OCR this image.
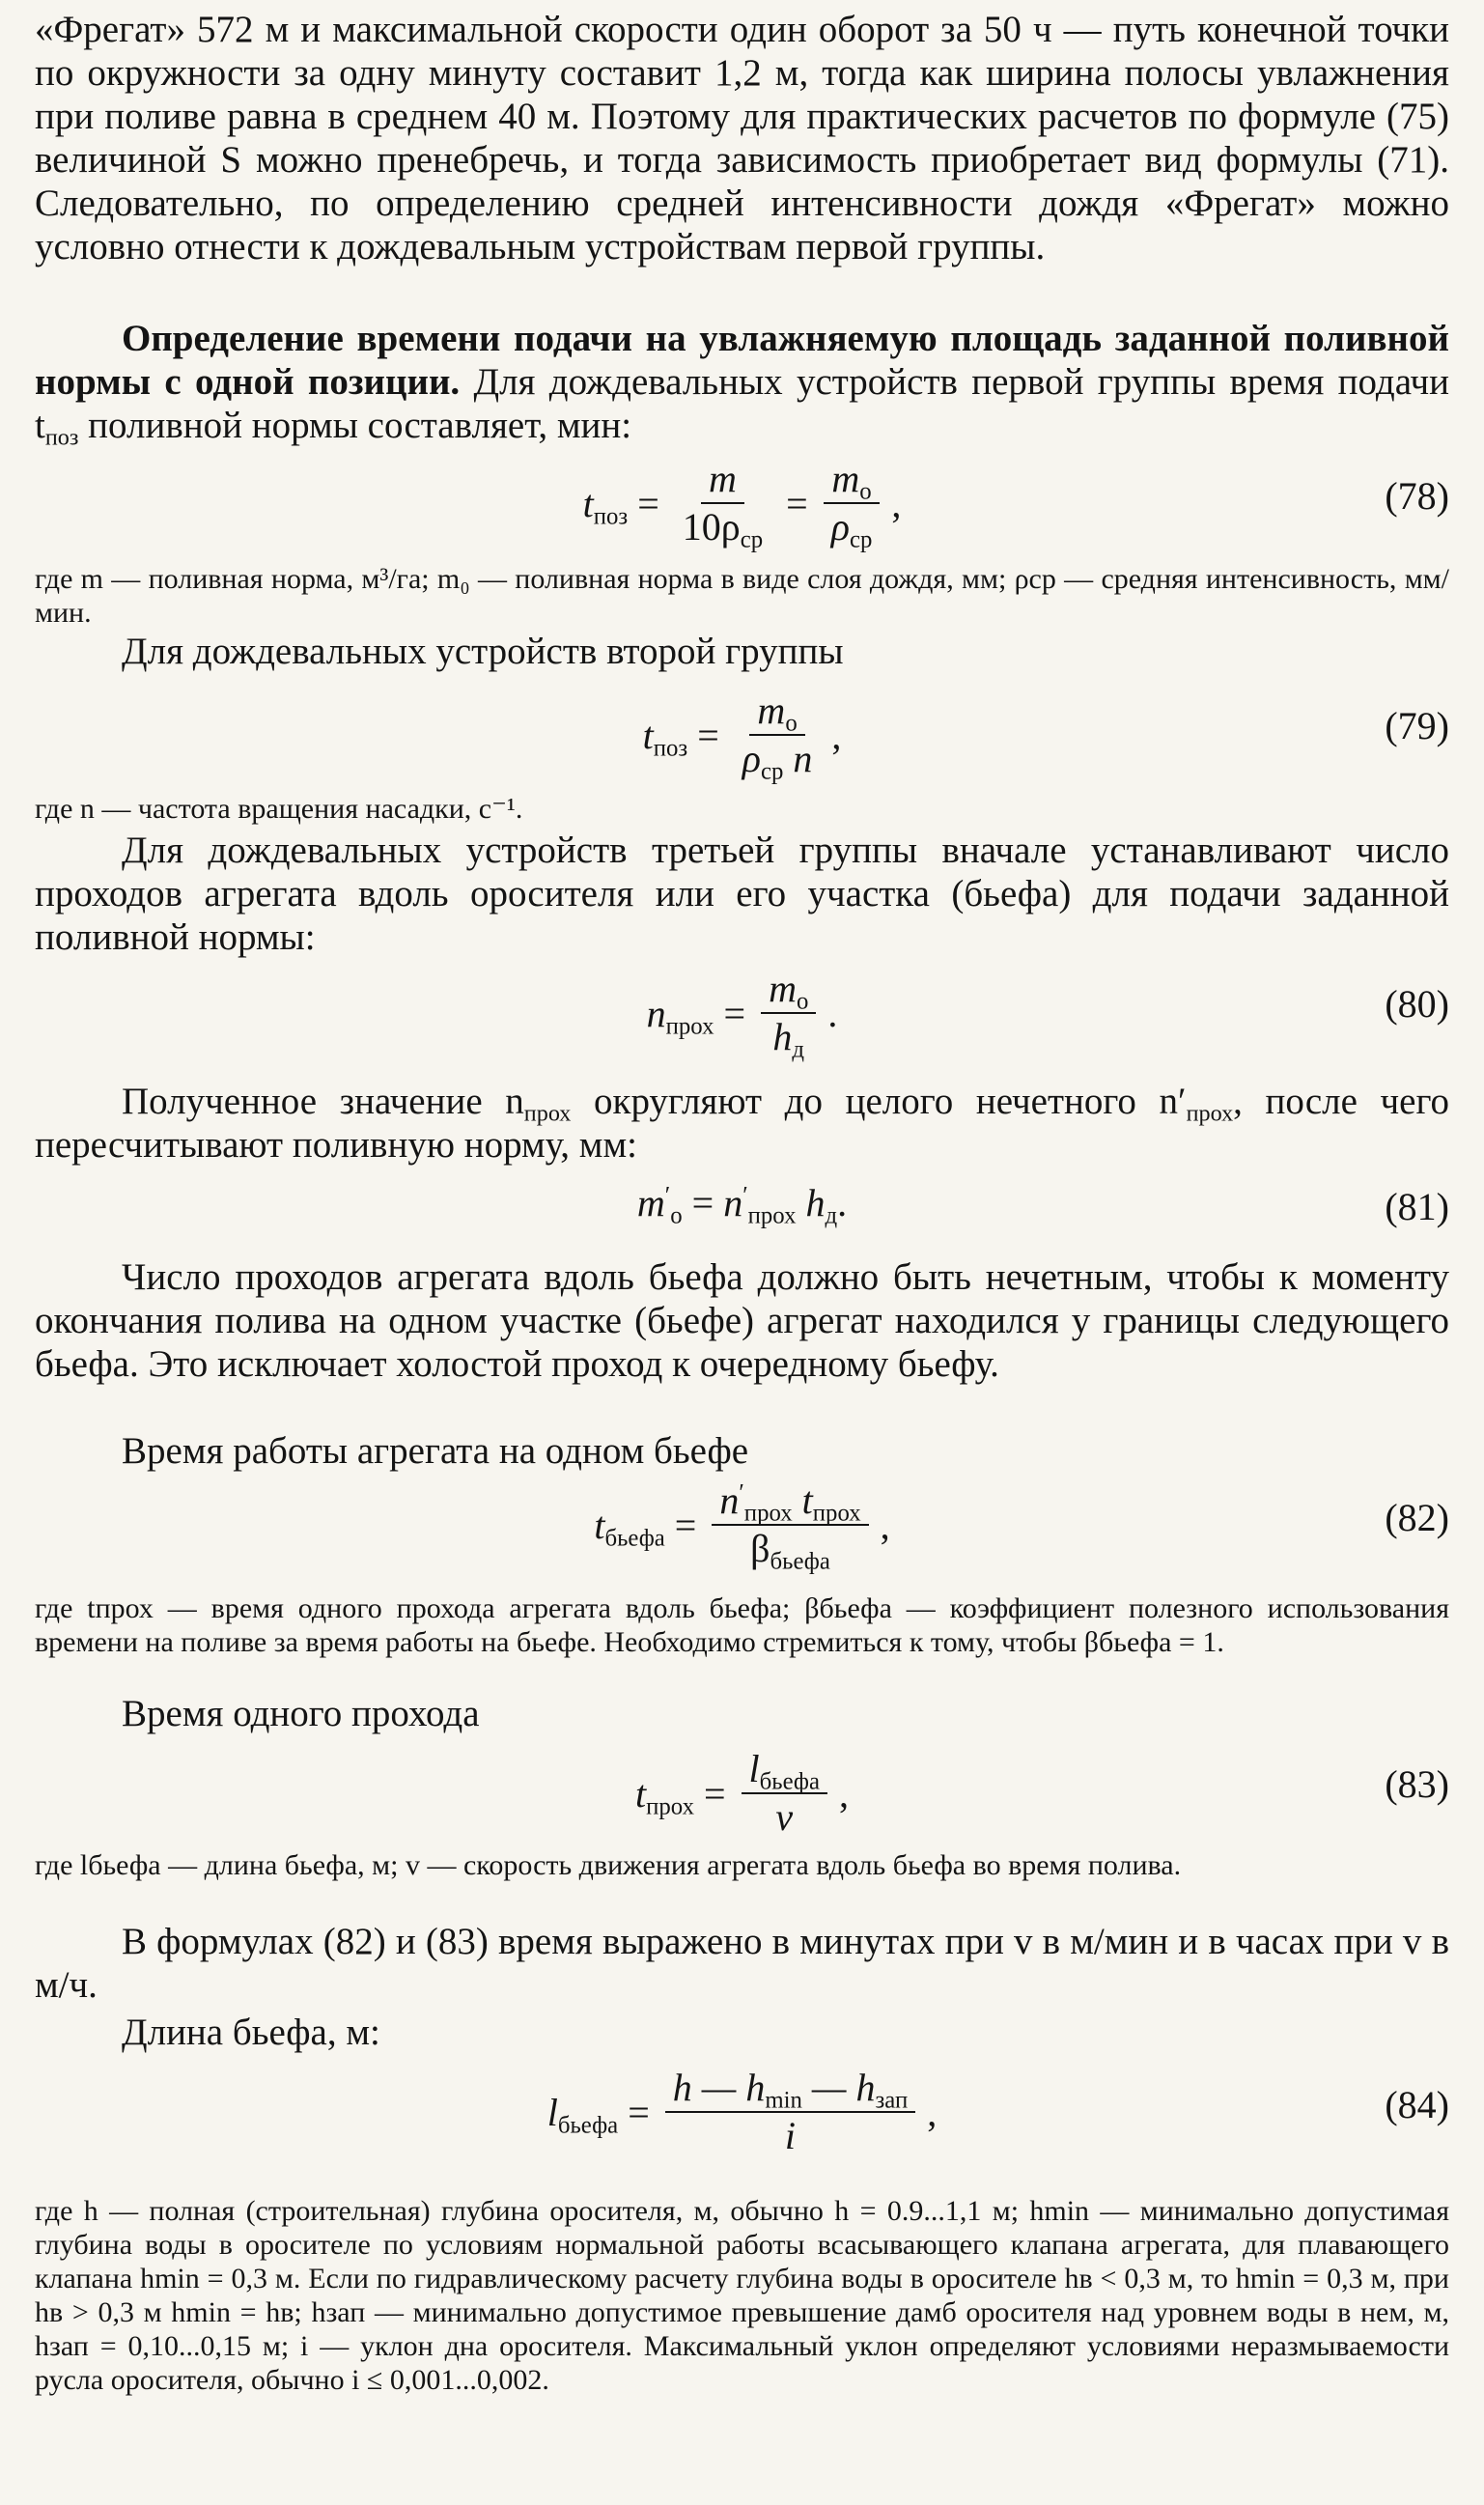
«Фрегат» 572 м и максимальной скорости один оборот за 50 ч — путь конечной точки по окружности за одну минуту составит 1,2 м, тогда как ширина полосы увлажнения при поливе равна в среднем 40 м. Поэтому для практических расчетов по формуле (75) величиной S можно пренебречь, и тогда зависимость приобретает вид формулы (71). Следовательно, по определению средней интенсивности дождя «Фрегат» можно условно отнести к дождевальным устройствам первой группы.

Определение времени подачи на увлажняемую площадь заданной поливной нормы с одной позиции. Для дождевальных устройств первой группы время подачи $t_{поз}$ поливной нормы составляет, мин:

$t_{поз} = \frac{m}{10\rho_{ср}} = \frac{m_о}{\rho_{ср}}$ ,	(78)

где m — поливная норма, м³/га; m₀ — поливная норма в виде слоя дождя, мм; ρср — средняя интенсивность, мм/мин.

Для дождевальных устройств второй группы

$t_{поз} = \frac{m_о}{\rho_{ср} n}$ ,	(79)

где n — частота вращения насадки, с⁻¹.

Для дождевальных устройств третьей группы вначале устанавливают число проходов агрегата вдоль оросителя или его участка (бьефа) для подачи заданной поливной нормы:

$n_{прох} = \frac{m_о}{h_д}$ .	(80)

Полученное значение $n_{прох}$ округляют до целого нечетного $n'_{прох}$, после чего пересчитывают поливную норму, мм:

$m'_о = n'_{прох}$ $h_д$ .	(81)

Число проходов агрегата вдоль бьефа должно быть нечетным, чтобы к моменту окончания полива на одном участке (бьефе) агрегат находился у границы следующего бьефа. Это исключает холостой проход к очередному бьефу.

Время работы агрегата на одном бьефе

$t_{бьефа} = \frac{n'_{прох} t_{прох}}{\beta_{бьефа}}$ ,	(82)

где tпрох — время одного прохода агрегата вдоль бьефа; βбьефа — коэффициент полезного использования времени на поливе за время работы на бьефе. Необходимо стремиться к тому, чтобы βбьефа = 1.

Время одного прохода

$t_{прох} = \frac{l_{бьефа}}{v}$ ,	(83)

где lбьефа — длина бьефа, м; v — скорость движения агрегата вдоль бьефа во время полива.

В формулах (82) и (83) время выражено в минутах при v в м/мин и в часах при v в м/ч.

Длина бьефа, м:

$l_{бьефа} = \frac{h — h_{min} — h_{зап}}{i}$ ,	(84)

где h — полная (строительная) глубина оросителя, м, обычно h = 0.9...1,1 м; hmin — минимально допустимая глубина воды в оросителе по условиям нормальной работы всасывающего клапана агрегата, для плавающего клапана hmin = 0,3 м. Если по гидравлическому расчету глубина воды в оросителе hв < 0,3 м, то hmin = 0,3 м, при hв > 0,3 м hmin = hв; hзап — минимально допустимое превышение дамб оросителя над уровнем воды в нем, м, hзап = 0,10...0,15 м; i — уклон дна оросителя. Максимальный уклон определяют условиями неразмываемости русла оросителя, обычно i ≤ 0,001...0,002.
